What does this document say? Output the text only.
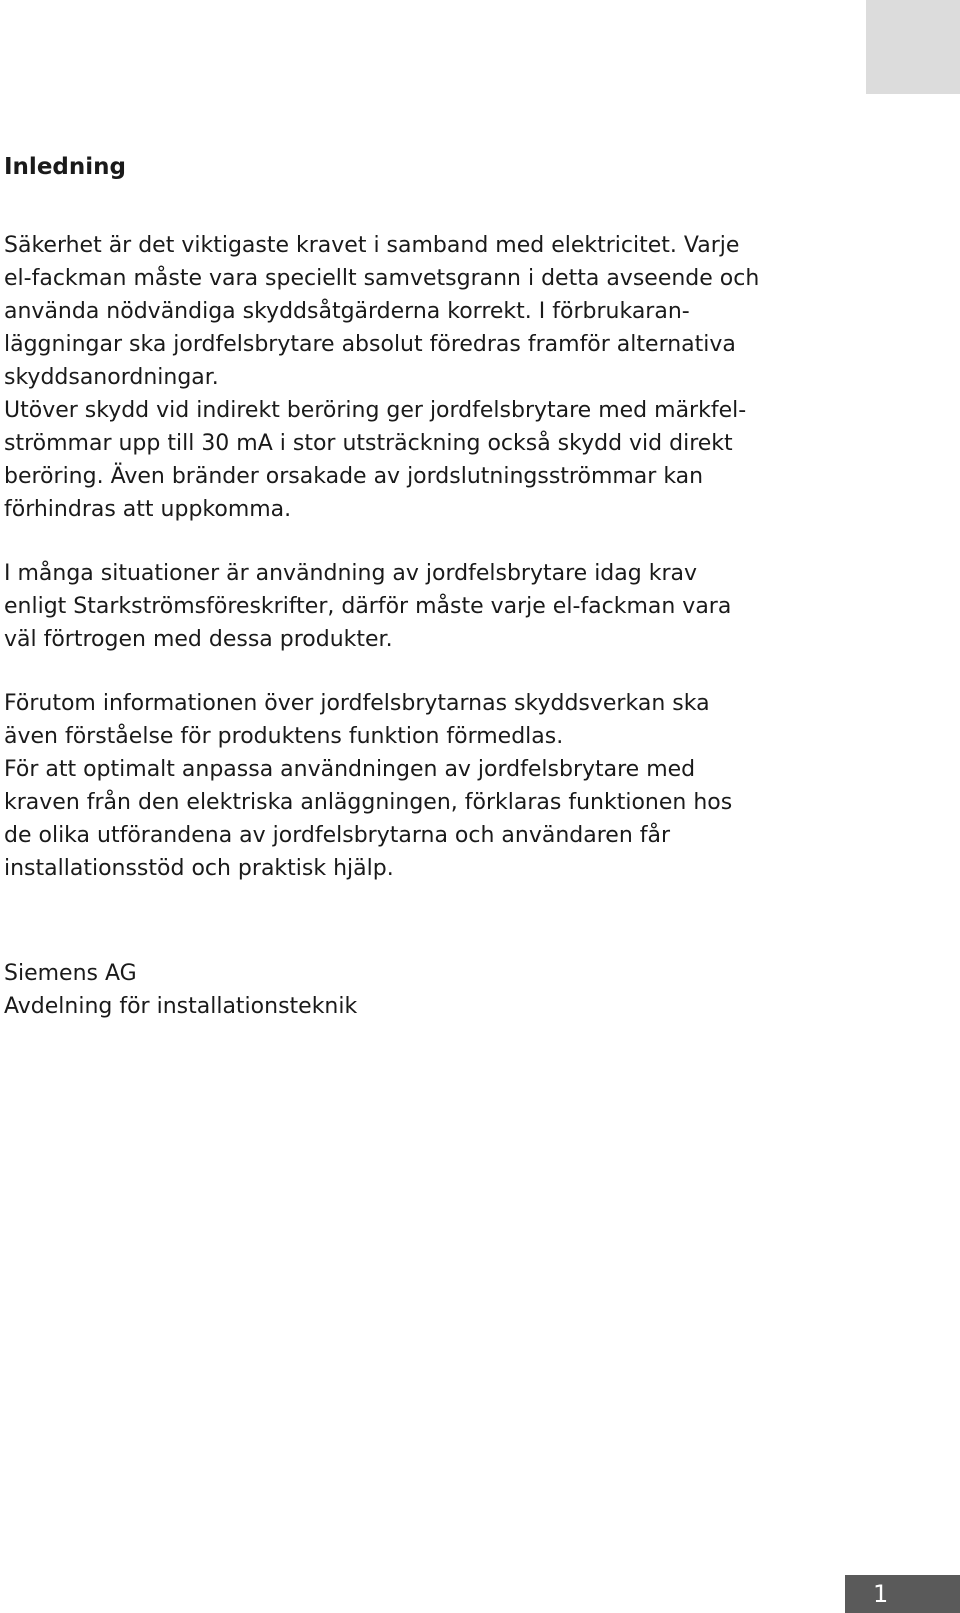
Inledning
Säkerhet är det viktigaste kravet i samband med elektricitet. Varje
el-fackman måste vara speciellt samvetsgrann i detta avseende och
använda nödvändiga skyddsåtgärderna korrekt. I förbrukaran-
läggningar ska jordfelsbrytare absolut föredras framför alternativa
skyddsanordningar.
Utöver skydd vid indirekt beröring ger jordfelsbrytare med märkfel-
strömmar upp till 30 mA i stor utsträckning också skydd vid direkt
beröring. Även bränder orsakade av jordslutningsströmmar kan
förhindras att uppkomma.
I många situationer är användning av jordfelsbrytare idag krav
enligt Starkströmsföreskrifter, därför måste varje el-fackman vara
väl förtrogen med dessa produkter.
Förutom informationen över jordfelsbrytarnas skyddsverkan ska
även förståelse för produktens funktion förmedlas.
För att optimalt anpassa användningen av jordfelsbrytare med
kraven från den elektriska anläggningen, förklaras funktionen hos
de olika utförandena av jordfelsbrytarna och användaren får
installationsstöd och praktisk hjälp.
Siemens AG
Avdelning för installationsteknik
1
